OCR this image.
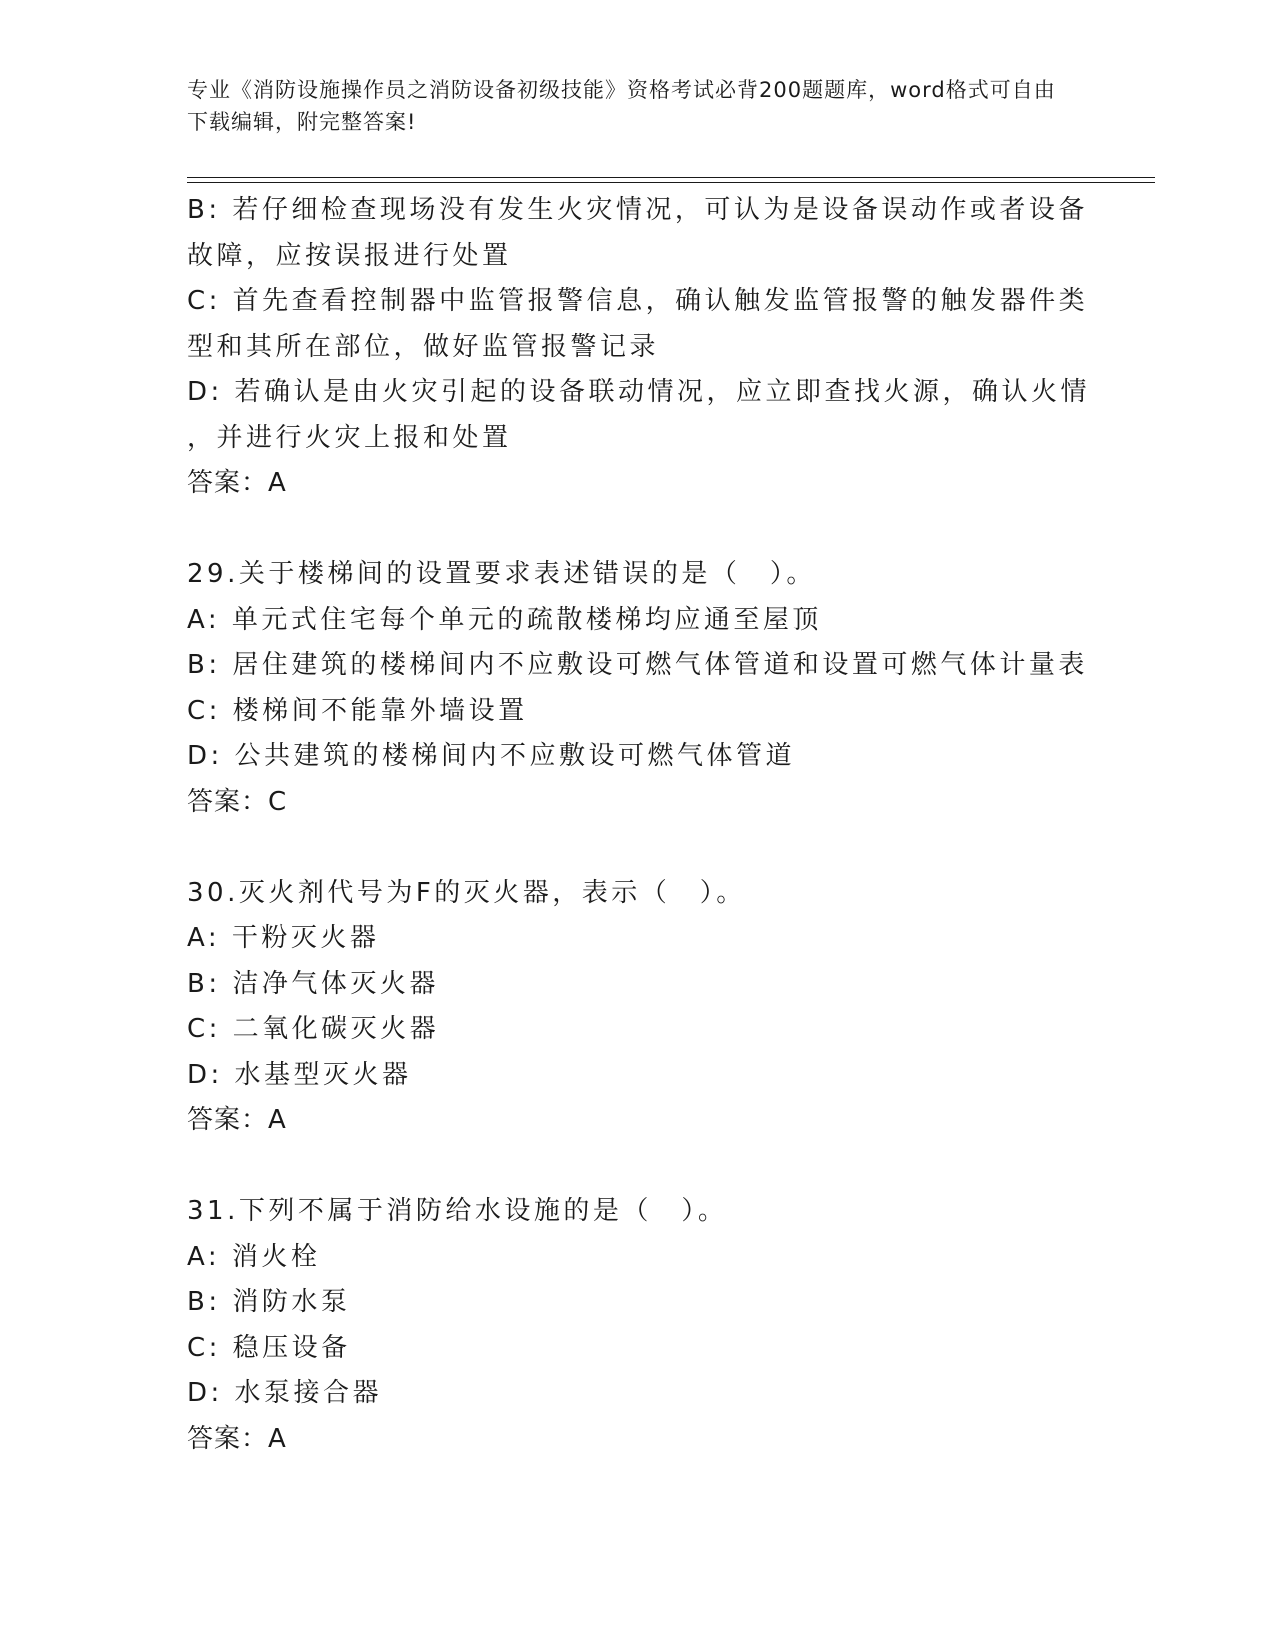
专业《消防设施操作员之消防设备初级技能》资格考试必背200题题库，word格式可自由下载编辑，附完整答案!
B: 若仔细检查现场没有发生火灾情况，可认为是设备误动作或者设备
故障，应按误报进行处置
C: 首先查看控制器中监管报警信息，确认触发监管报警的触发器件类
型和其所在部位，做好监管报警记录
D: 若确认是由火灾引起的设备联动情况，应立即查找火源，确认火情
，并进行火灾上报和处置
答案：A
29.关于楼梯间的设置要求表述错误的是（　）。
A: 单元式住宅每个单元的疏散楼梯均应通至屋顶
B: 居住建筑的楼梯间内不应敷设可燃气体管道和设置可燃气体计量表
C: 楼梯间不能靠外墙设置
D: 公共建筑的楼梯间内不应敷设可燃气体管道
答案：C
30.灭火剂代号为F的灭火器，表示（　）。
A: 干粉灭火器
B: 洁净气体灭火器
C: 二氧化碳灭火器
D: 水基型灭火器
答案：A
31.下列不属于消防给水设施的是（　）。
A: 消火栓
B: 消防水泵
C: 稳压设备
D: 水泵接合器
答案：A
